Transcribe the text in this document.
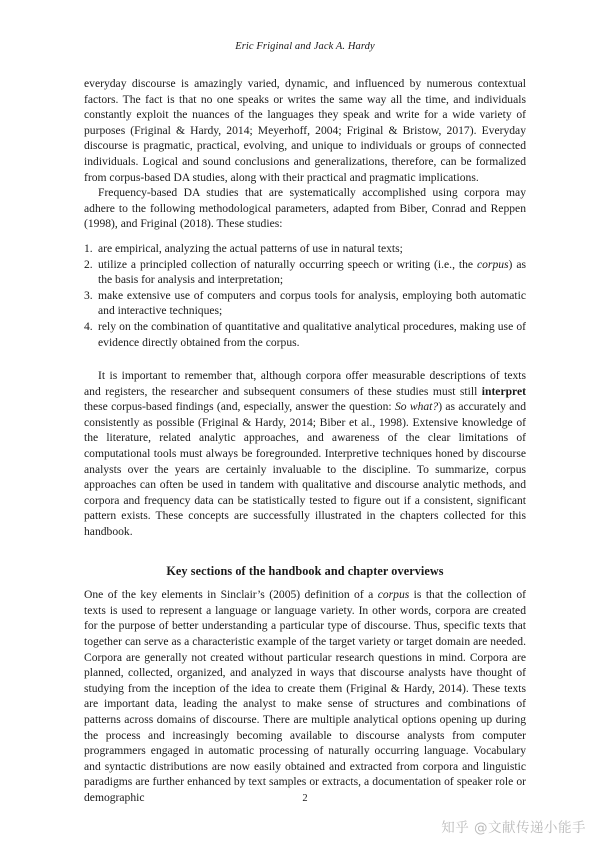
Eric Friginal and Jack A. Hardy

everyday discourse is amazingly varied, dynamic, and influenced by numerous contextual factors. The fact is that no one speaks or writes the same way all the time, and individuals constantly exploit the nuances of the languages they speak and write for a wide variety of purposes (Friginal & Hardy, 2014; Meyerhoff, 2004; Friginal & Bristow, 2017). Everyday discourse is pragmatic, practical, evolving, and unique to individuals or groups of connected individuals. Logical and sound conclusions and generalizations, therefore, can be formalized from corpus-based DA studies, along with their practical and pragmatic implications.

Frequency-based DA studies that are systematically accomplished using corpora may adhere to the following methodological parameters, adapted from Biber, Conrad and Reppen (1998), and Friginal (2018). These studies:

1. are empirical, analyzing the actual patterns of use in natural texts;
2. utilize a principled collection of naturally occurring speech or writing (i.e., the corpus) as the basis for analysis and interpretation;
3. make extensive use of computers and corpus tools for analysis, employing both automatic and interactive techniques;
4. rely on the combination of quantitative and qualitative analytical procedures, making use of evidence directly obtained from the corpus.

It is important to remember that, although corpora offer measurable descriptions of texts and registers, the researcher and subsequent consumers of these studies must still interpret these corpus-based findings (and, especially, answer the question: So what?) as accurately and consistently as possible (Friginal & Hardy, 2014; Biber et al., 1998). Extensive knowledge of the literature, related analytic approaches, and awareness of the clear limitations of computational tools must always be foregrounded. Interpretive techniques honed by discourse analysts over the years are certainly invaluable to the discipline. To summarize, corpus approaches can often be used in tandem with qualitative and discourse analytic methods, and corpora and frequency data can be statistically tested to figure out if a consistent, significant pattern exists. These concepts are successfully illustrated in the chapters collected for this handbook.

Key sections of the handbook and chapter overviews

One of the key elements in Sinclair’s (2005) definition of a corpus is that the collection of texts is used to represent a language or language variety. In other words, corpora are created for the purpose of better understanding a particular type of discourse. Thus, specific texts that together can serve as a characteristic example of the target variety or target domain are needed. Corpora are generally not created without particular research questions in mind. Corpora are planned, collected, organized, and analyzed in ways that discourse analysts have thought of studying from the inception of the idea to create them (Friginal & Hardy, 2014). These texts are important data, leading the analyst to make sense of structures and combinations of patterns across domains of discourse. There are multiple analytical options opening up during the process and increasingly becoming available to discourse analysts from computer programmers engaged in automatic processing of naturally occurring language. Vocabulary and syntactic distributions are now easily obtained and extracted from corpora and linguistic paradigms are further enhanced by text samples or extracts, a documentation of speaker role or demographic	2
知乎 @文献传递小能手
